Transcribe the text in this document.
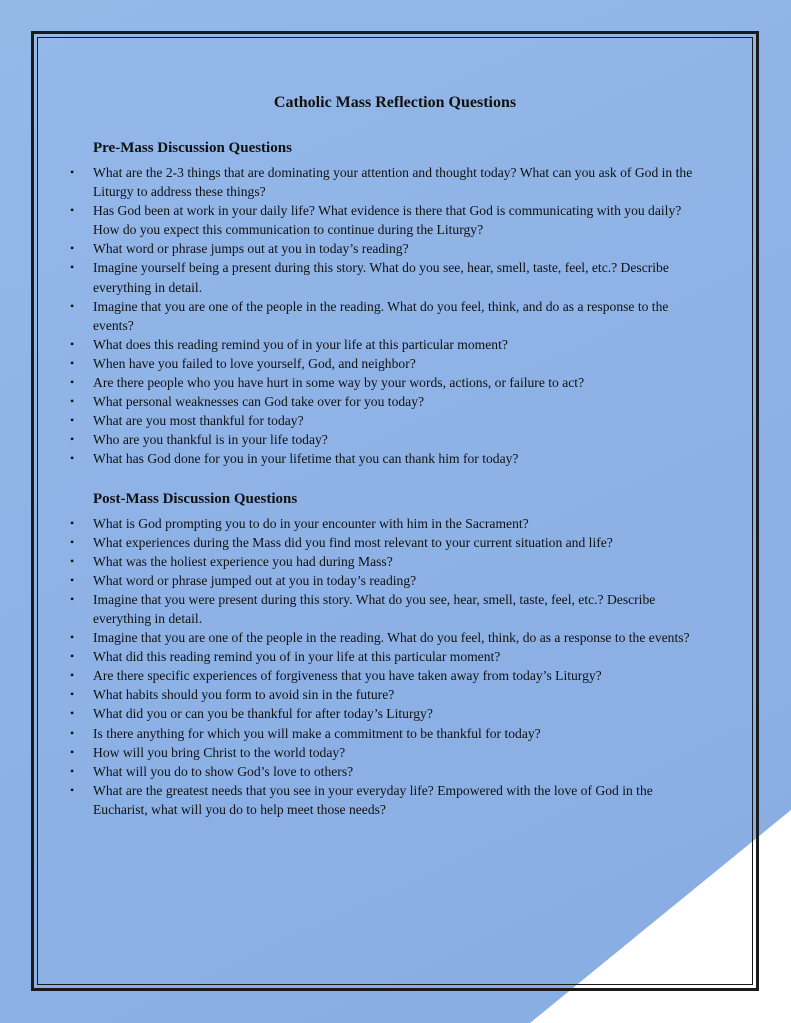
Catholic Mass Reflection Questions
Pre-Mass Discussion Questions
• What are the 2-3 things that are dominating your attention and thought today? What can you ask of God in the Liturgy to address these things?
• Has God been at work in your daily life? What evidence is there that God is communicating with you daily? How do you expect this communication to continue during the Liturgy?
• What word or phrase jumps out at you in today’s reading?
• Imagine yourself being a present during this story. What do you see, hear, smell, taste, feel, etc.? Describe everything in detail.
• Imagine that you are one of the people in the reading. What do you feel, think, and do as a response to the events?
• What does this reading remind you of in your life at this particular moment?
• When have you failed to love yourself, God, and neighbor?
• Are there people who you have hurt in some way by your words, actions, or failure to act?
• What personal weaknesses can God take over for you today?
• What are you most thankful for today?
• Who are you thankful is in your life today?
• What has God done for you in your lifetime that you can thank him for today?
Post-Mass Discussion Questions
• What is God prompting you to do in your encounter with him in the Sacrament?
• What experiences during the Mass did you find most relevant to your current situation and life?
• What was the holiest experience you had during Mass?
• What word or phrase jumped out at you in today’s reading?
• Imagine that you were present during this story. What do you see, hear, smell, taste, feel, etc.? Describe everything in detail.
• Imagine that you are one of the people in the reading. What do you feel, think, do as a response to the events?
• What did this reading remind you of in your life at this particular moment?
• Are there specific experiences of forgiveness that you have taken away from today’s Liturgy?
• What habits should you form to avoid sin in the future?
• What did you or can you be thankful for after today’s Liturgy?
• Is there anything for which you will make a commitment to be thankful for today?
• How will you bring Christ to the world today?
• What will you do to show God’s love to others?
• What are the greatest needs that you see in your everyday life? Empowered with the love of God in the Eucharist, what will you do to help meet those needs?
